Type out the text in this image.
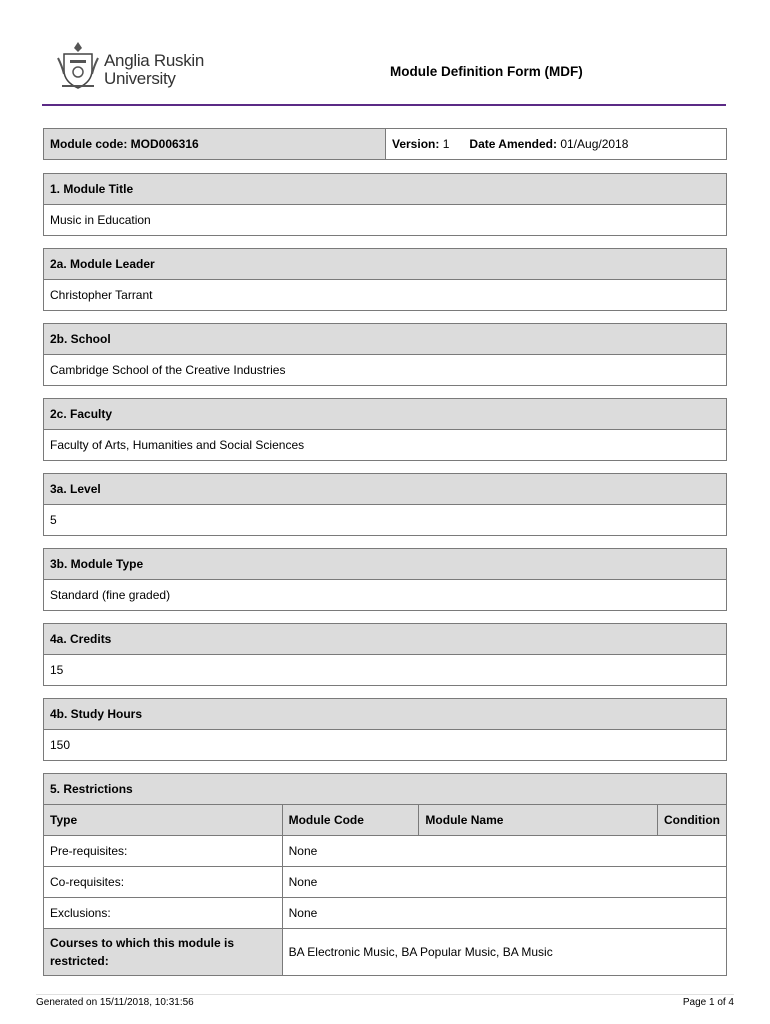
Anglia Ruskin
University	Module Definition Form (MDF)
Module code: MOD006316	Version: 1 Date Amended: 01/Aug/2018
1. Module Title
Music in Education
2a. Module Leader
Christopher Tarrant
2b. School
Cambridge School of the Creative Industries
2c. Faculty
Faculty of Arts, Humanities and Social Sciences
3a. Level
5
3b. Module Type
Standard (fine graded)
4a. Credits
15
4b. Study Hours
150
5. Restrictions			
Type	Module Code	Module Name	Condition
Pre-requisites:	None		
Co-requisites:	None		
Exclusions:	None		
Courses to which this module is
restricted:	BA Electronic Music, BA Popular Music, BA Music		
Generated on 15/11/2018, 10:31:56	Page 1 of 4
